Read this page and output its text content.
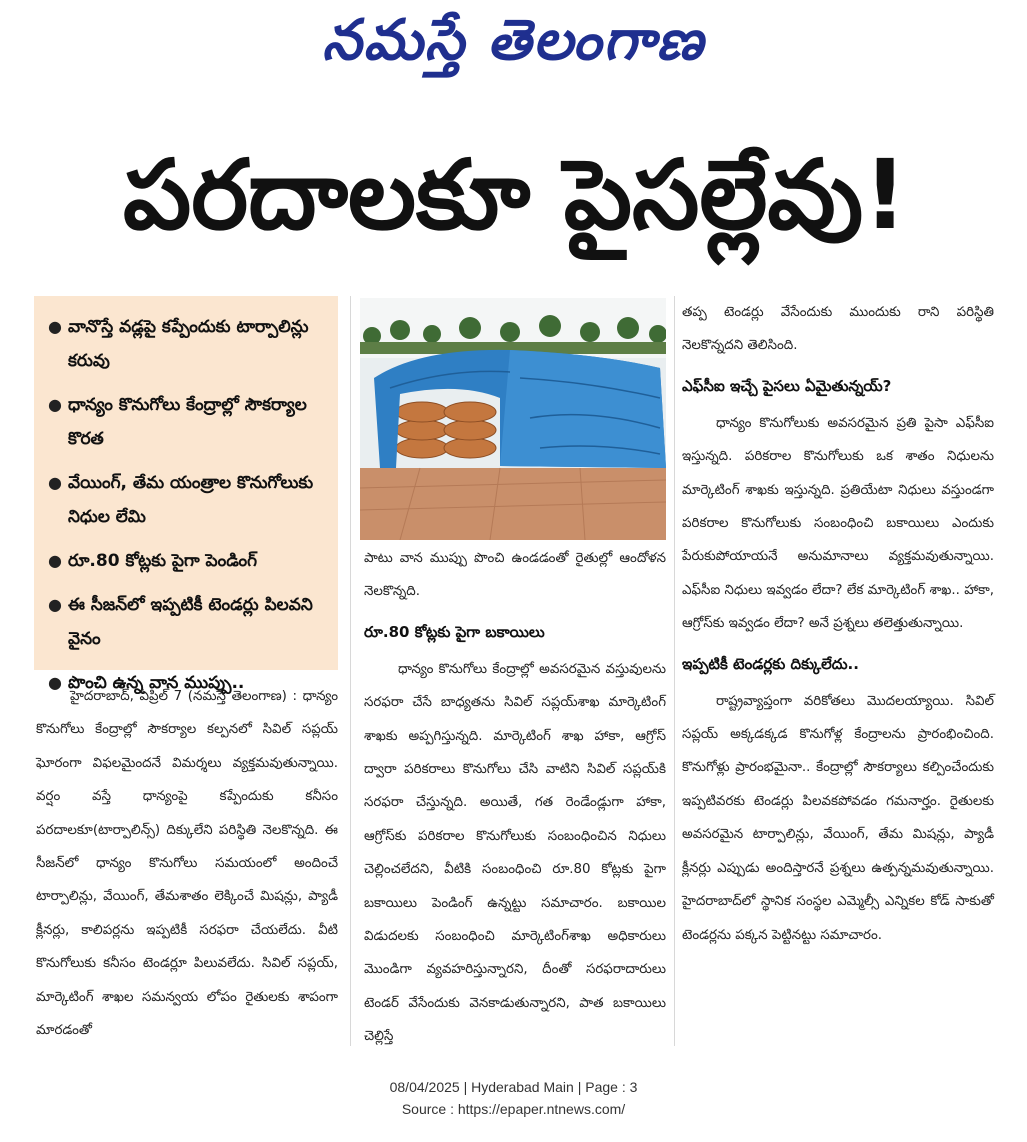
నమస్తే తెలంగాణ
పరదాలకూ పైసల్లేవు!
● వానొస్తే వడ్లపై కప్పేందుకు టార్పాలిన్లు కరువు
● ధాన్యం కొనుగోలు కేంద్రాల్లో సౌకర్యాల కొరత
● వేయింగ్, తేమ యంత్రాల కొనుగోలుకు నిధుల లేమి
● రూ.80 కోట్లకు పైగా పెండింగ్
● ఈ సీజన్‌లో ఇప్పటికీ టెండర్లు పిలవని వైనం
● పొంచి ఉన్న వాన ముప్పు..

హైదరాబాద్, ఏప్రిల్ 7 (నమస్తే తెలంగాణ) : ధాన్యం కొనుగోలు కేంద్రాల్లో సౌకర్యాల కల్పనలో సివిల్ సప్లయ్ ఘోరంగా విఫలమైందనే విమర్శలు వ్యక్తమవుతున్నాయి. వర్షం వస్తే ధాన్యంపై కప్పేందుకు కనీసం పరదాలకూ(టార్పాలిన్స్) దిక్కులేని పరిస్థితి నెలకొన్నది. ఈ సీజన్‌లో ధాన్యం కొనుగోలు సమయంలో అందించే టార్పాలిన్లు, వేయింగ్, తేమశాతం లెక్కించే మిషన్లు, ప్యాడీ క్లీనర్లు, కాలిపర్లను ఇప్పటికీ సరఫరా చేయలేదు. వీటి కొనుగోలుకు కనీసం టెండర్లూ పిలువలేదు. సివిల్ సప్లయ్, మార్కెటింగ్ శాఖల సమన్వయ లోపం రైతులకు శాపంగా మారడంతో

పాటు వాన ముప్పు పొంచి ఉండడంతో రైతుల్లో ఆందోళన నెలకొన్నది.

రూ.80 కోట్లకు పైగా బకాయిలు

ధాన్యం కొనుగోలు కేంద్రాల్లో అవసరమైన వస్తువులను సరఫరా చేసే బాధ్యతను సివిల్ సప్లయ్‌శాఖ మార్కెటింగ్ శాఖకు అప్పగిస్తున్నది. మార్కెటింగ్ శాఖ హాకా, ఆగ్రోస్ ద్వారా పరికరాలు కొనుగోలు చేసి వాటిని సివిల్ సప్లయ్‌కి సరఫరా చేస్తున్నది. అయితే, గత రెండేండ్లుగా హాకా, ఆగ్రోస్‌కు పరికరాల కొనుగోలుకు సంబంధించిన నిధులు చెల్లించలేదని, వీటికి సంబంధించి రూ.80 కోట్లకు పైగా బకాయిలు పెండింగ్ ఉన్నట్టు సమాచారం. బకాయిల విడుదలకు సంబంధించి మార్కెటింగ్‌శాఖ అధికారులు మొండిగా వ్యవహరిస్తున్నారని, దీంతో సరఫరాదారులు టెండర్ వేసేందుకు వెనకాడుతున్నారని, పాత బకాయిలు చెల్లిస్తే

తప్ప టెండర్లు వేసేందుకు ముందుకు రాని పరిస్థితి నెలకొన్నదని తెలిసింది.

ఎఫ్‌సీఐ ఇచ్చే పైసలు ఏమైతున్నయ్?

ధాన్యం కొనుగోలుకు అవసరమైన ప్రతి పైసా ఎఫ్‌సీఐ ఇస్తున్నది. పరికరాల కొనుగోలుకు ఒక శాతం నిధులను మార్కెటింగ్ శాఖకు ఇస్తున్నది. ప్రతియేటా నిధులు వస్తుండగా పరికరాల కొనుగోలుకు సంబంధించి బకాయిలు ఎందుకు పేరుకుపోయాయనే అనుమానాలు వ్యక్తమవుతున్నాయి. ఎఫ్‌సీఐ నిధులు ఇవ్వడం లేదా? లేక మార్కెటింగ్ శాఖ.. హాకా, ఆగ్రోస్‌కు ఇవ్వడం లేదా? అనే ప్రశ్నలు తలెత్తుతున్నాయి.

ఇప్పటికీ టెండర్లకు దిక్కులేదు..

రాష్ట్రవ్యాప్తంగా వరికోతలు మొదలయ్యాయి. సివిల్ సప్లయ్ అక్కడక్కడ కొనుగోళ్ల కేంద్రాలను ప్రారంభించింది. కొనుగోళ్లు ప్రారంభమైనా.. కేంద్రాల్లో సౌకర్యాలు కల్పించేందుకు ఇప్పటివరకు టెండర్లు పిలవకపోవడం గమనార్హం. రైతులకు అవసరమైన టార్పాలిన్లు, వేయింగ్, తేమ మిషన్లు, ప్యాడీ క్లీనర్లు ఎప్పుడు అందిస్తారనే ప్రశ్నలు ఉత్పన్నమవుతున్నాయి. హైదరాబాద్‌లో స్థానిక సంస్థల ఎమ్మెల్సీ ఎన్నికల కోడ్ సాకుతో టెండర్లను పక్కన పెట్టినట్టు సమాచారం.

08/04/2025 | Hyderabad Main | Page : 3
Source : https://epaper.ntnews.com/
